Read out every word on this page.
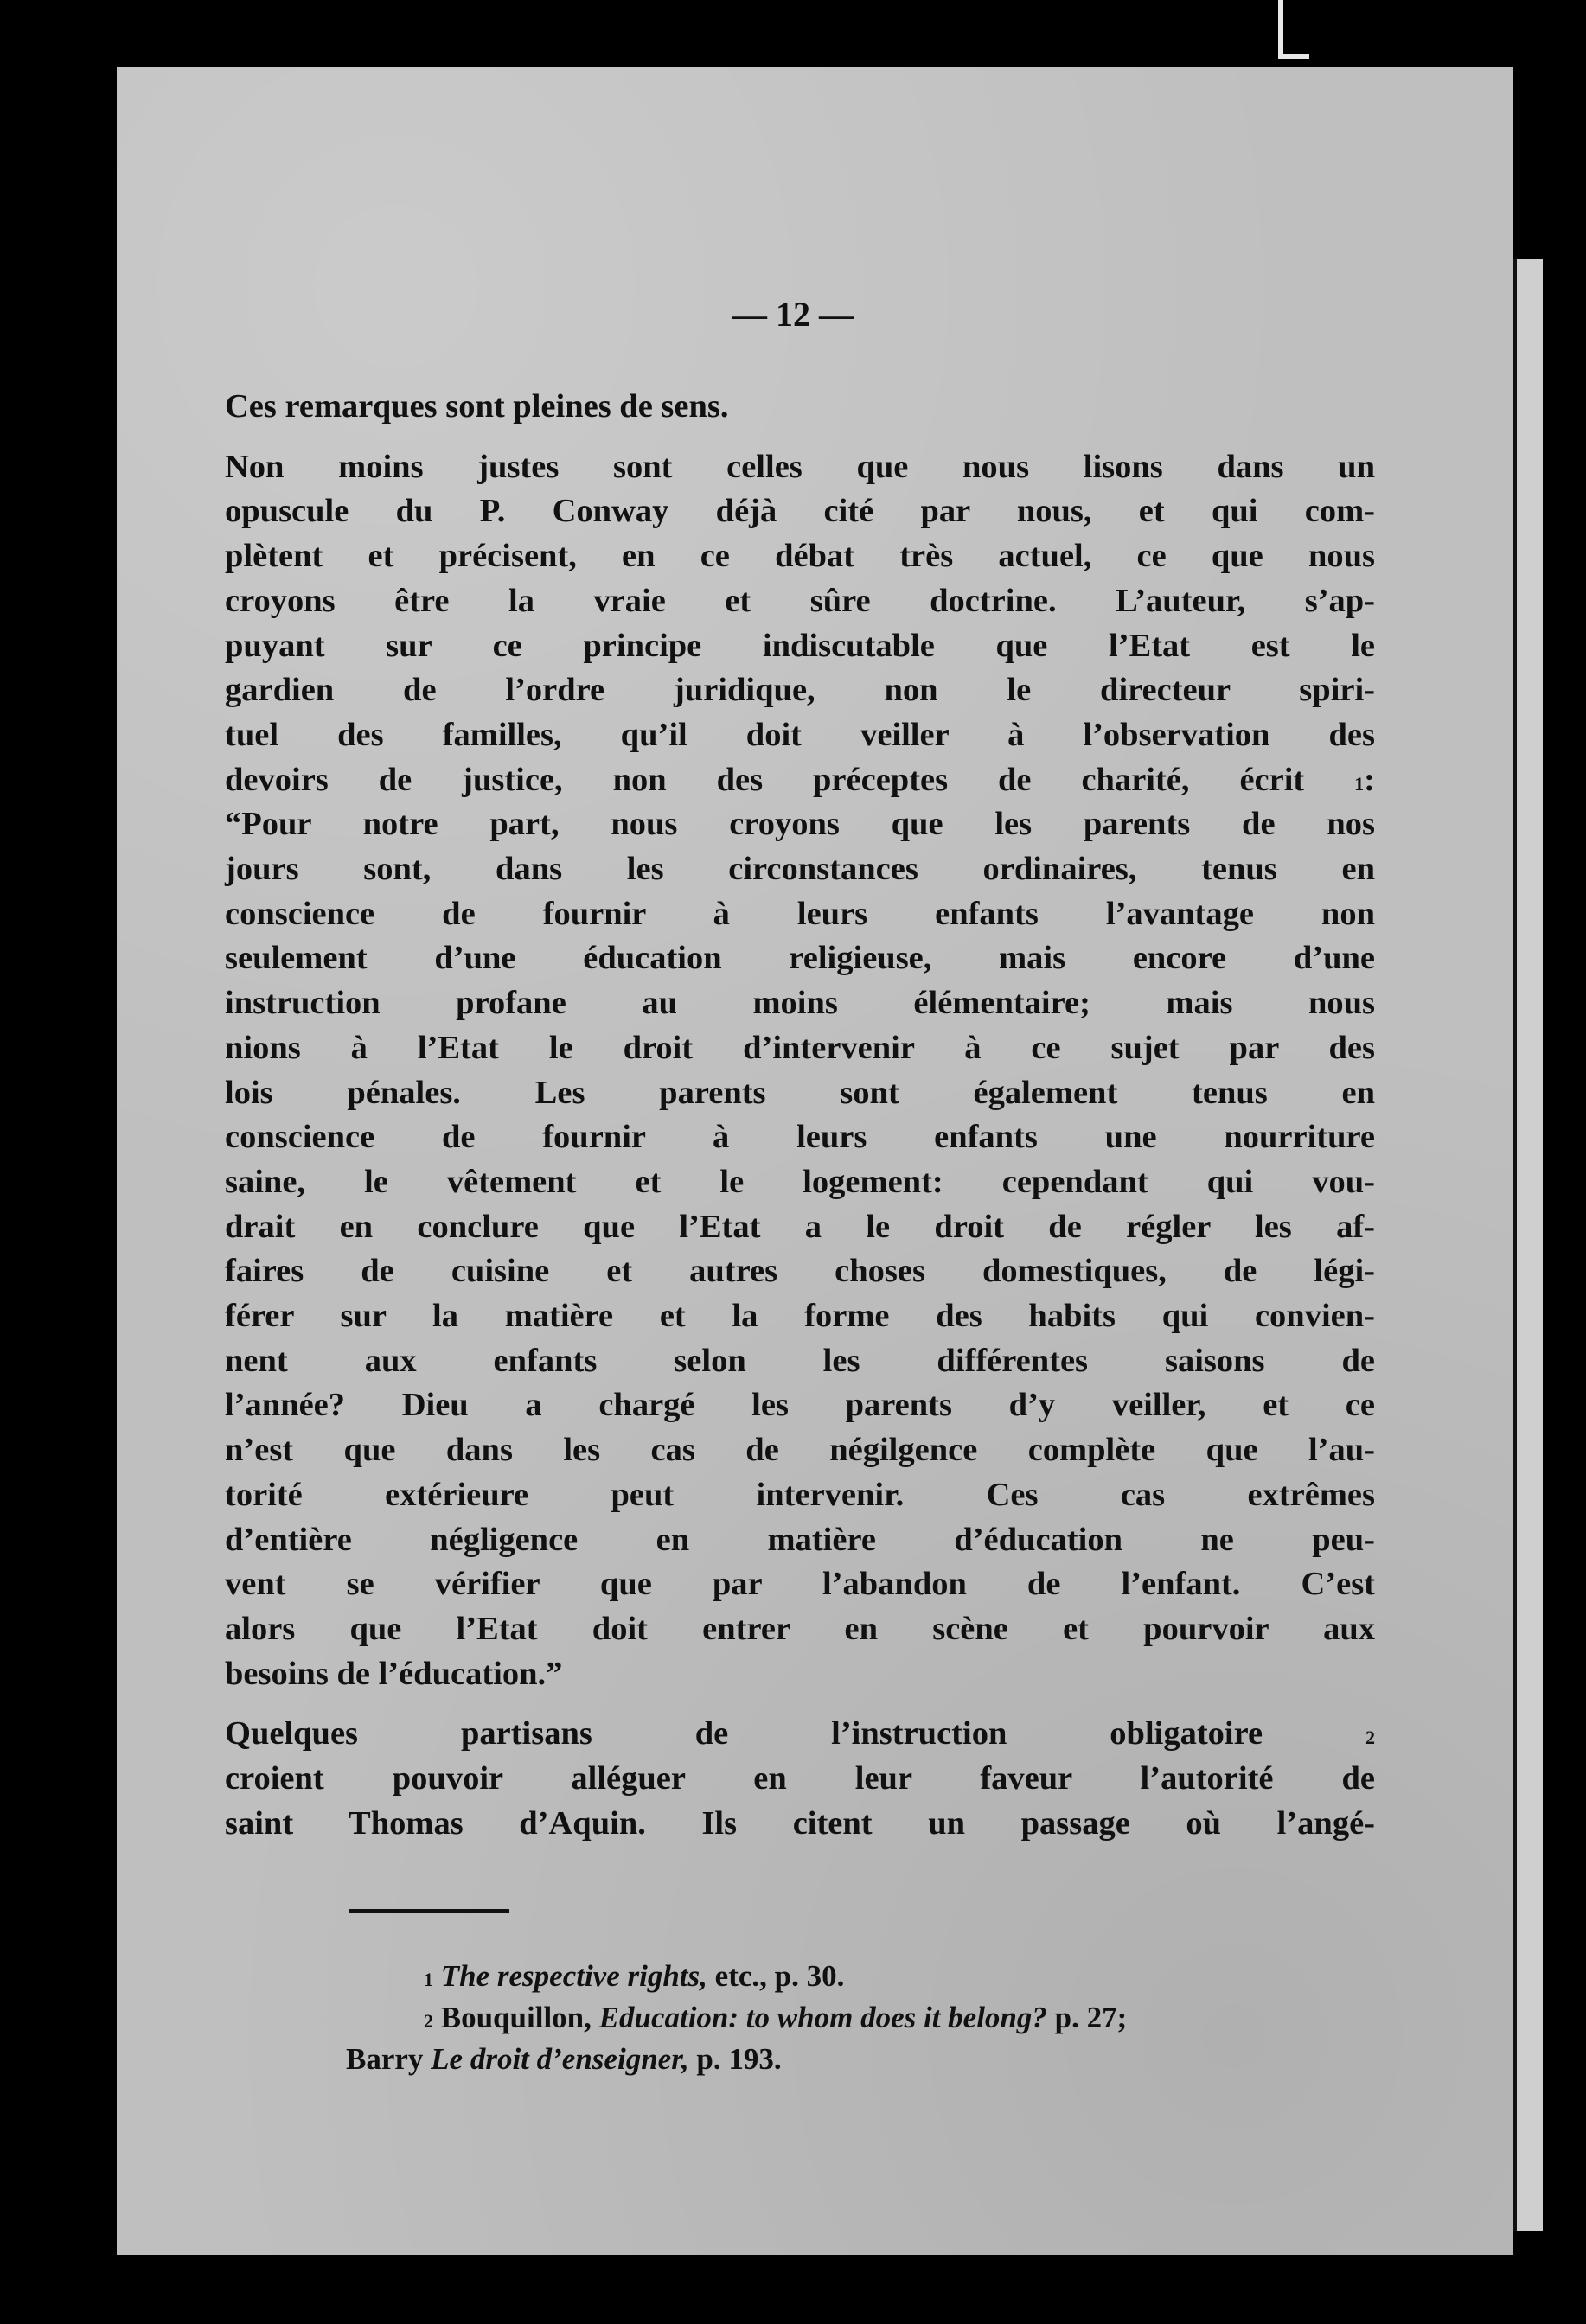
— 12 —
Ces remarques sont pleines de sens.
Non moins justes sont celles que nous lisons dans un
opuscule du P. Conway déjà cité par nous, et qui com-
plètent et précisent, en ce débat très actuel, ce que nous
croyons être la vraie et sûre doctrine. L’auteur, s’ap-
puyant sur ce principe indiscutable que l’Etat est le
gardien de l’ordre juridique, non le directeur spiri-
tuel des familles, qu’il doit veiller à l’observation des
devoirs de justice, non des préceptes de charité, écrit	$^1$:
“Pour notre part, nous croyons que les parents de nos
jours sont, dans les circonstances ordinaires, tenus en
conscience de fournir à leurs enfants l’avantage non
seulement d’une éducation religieuse, mais encore d’une
instruction profane au moins élémentaire; mais nous
nions à l’Etat le droit d’intervenir à ce sujet par des
lois pénales. Les parents sont également tenus en
conscience de fournir à leurs enfants une nourriture
saine, le vêtement et le logement: cependant qui vou-
drait en conclure que l’Etat a le droit de régler les af-
faires de cuisine et autres choses domestiques, de légi-
férer sur la matière et la forme des habits qui convien-
nent aux enfants selon les différentes saisons de
l’année? Dieu a chargé les parents d’y veiller, et ce
n’est que dans les cas de négilgence complète que l’au-
torité extérieure peut intervenir. Ces cas extrêmes
d’entière négligence en matière d’éducation ne peu-
vent se vérifier que par l’abandon de l’enfant. C’est
alors que l’Etat doit entrer en scène et pourvoir aux
besoins de l’éducation.”
Quelques partisans de l’instruction obligatoire	$^2$
croient pouvoir alléguer en leur faveur l’autorité de
saint Thomas d’Aquin. Ils citent un passage où l’angé-
$^1$ The respective rights, etc., p. 30.
$^2$ Bouquillon, Education: to whom does it belong? p. 27;
Barry Le droit d’enseigner, p. 193.
